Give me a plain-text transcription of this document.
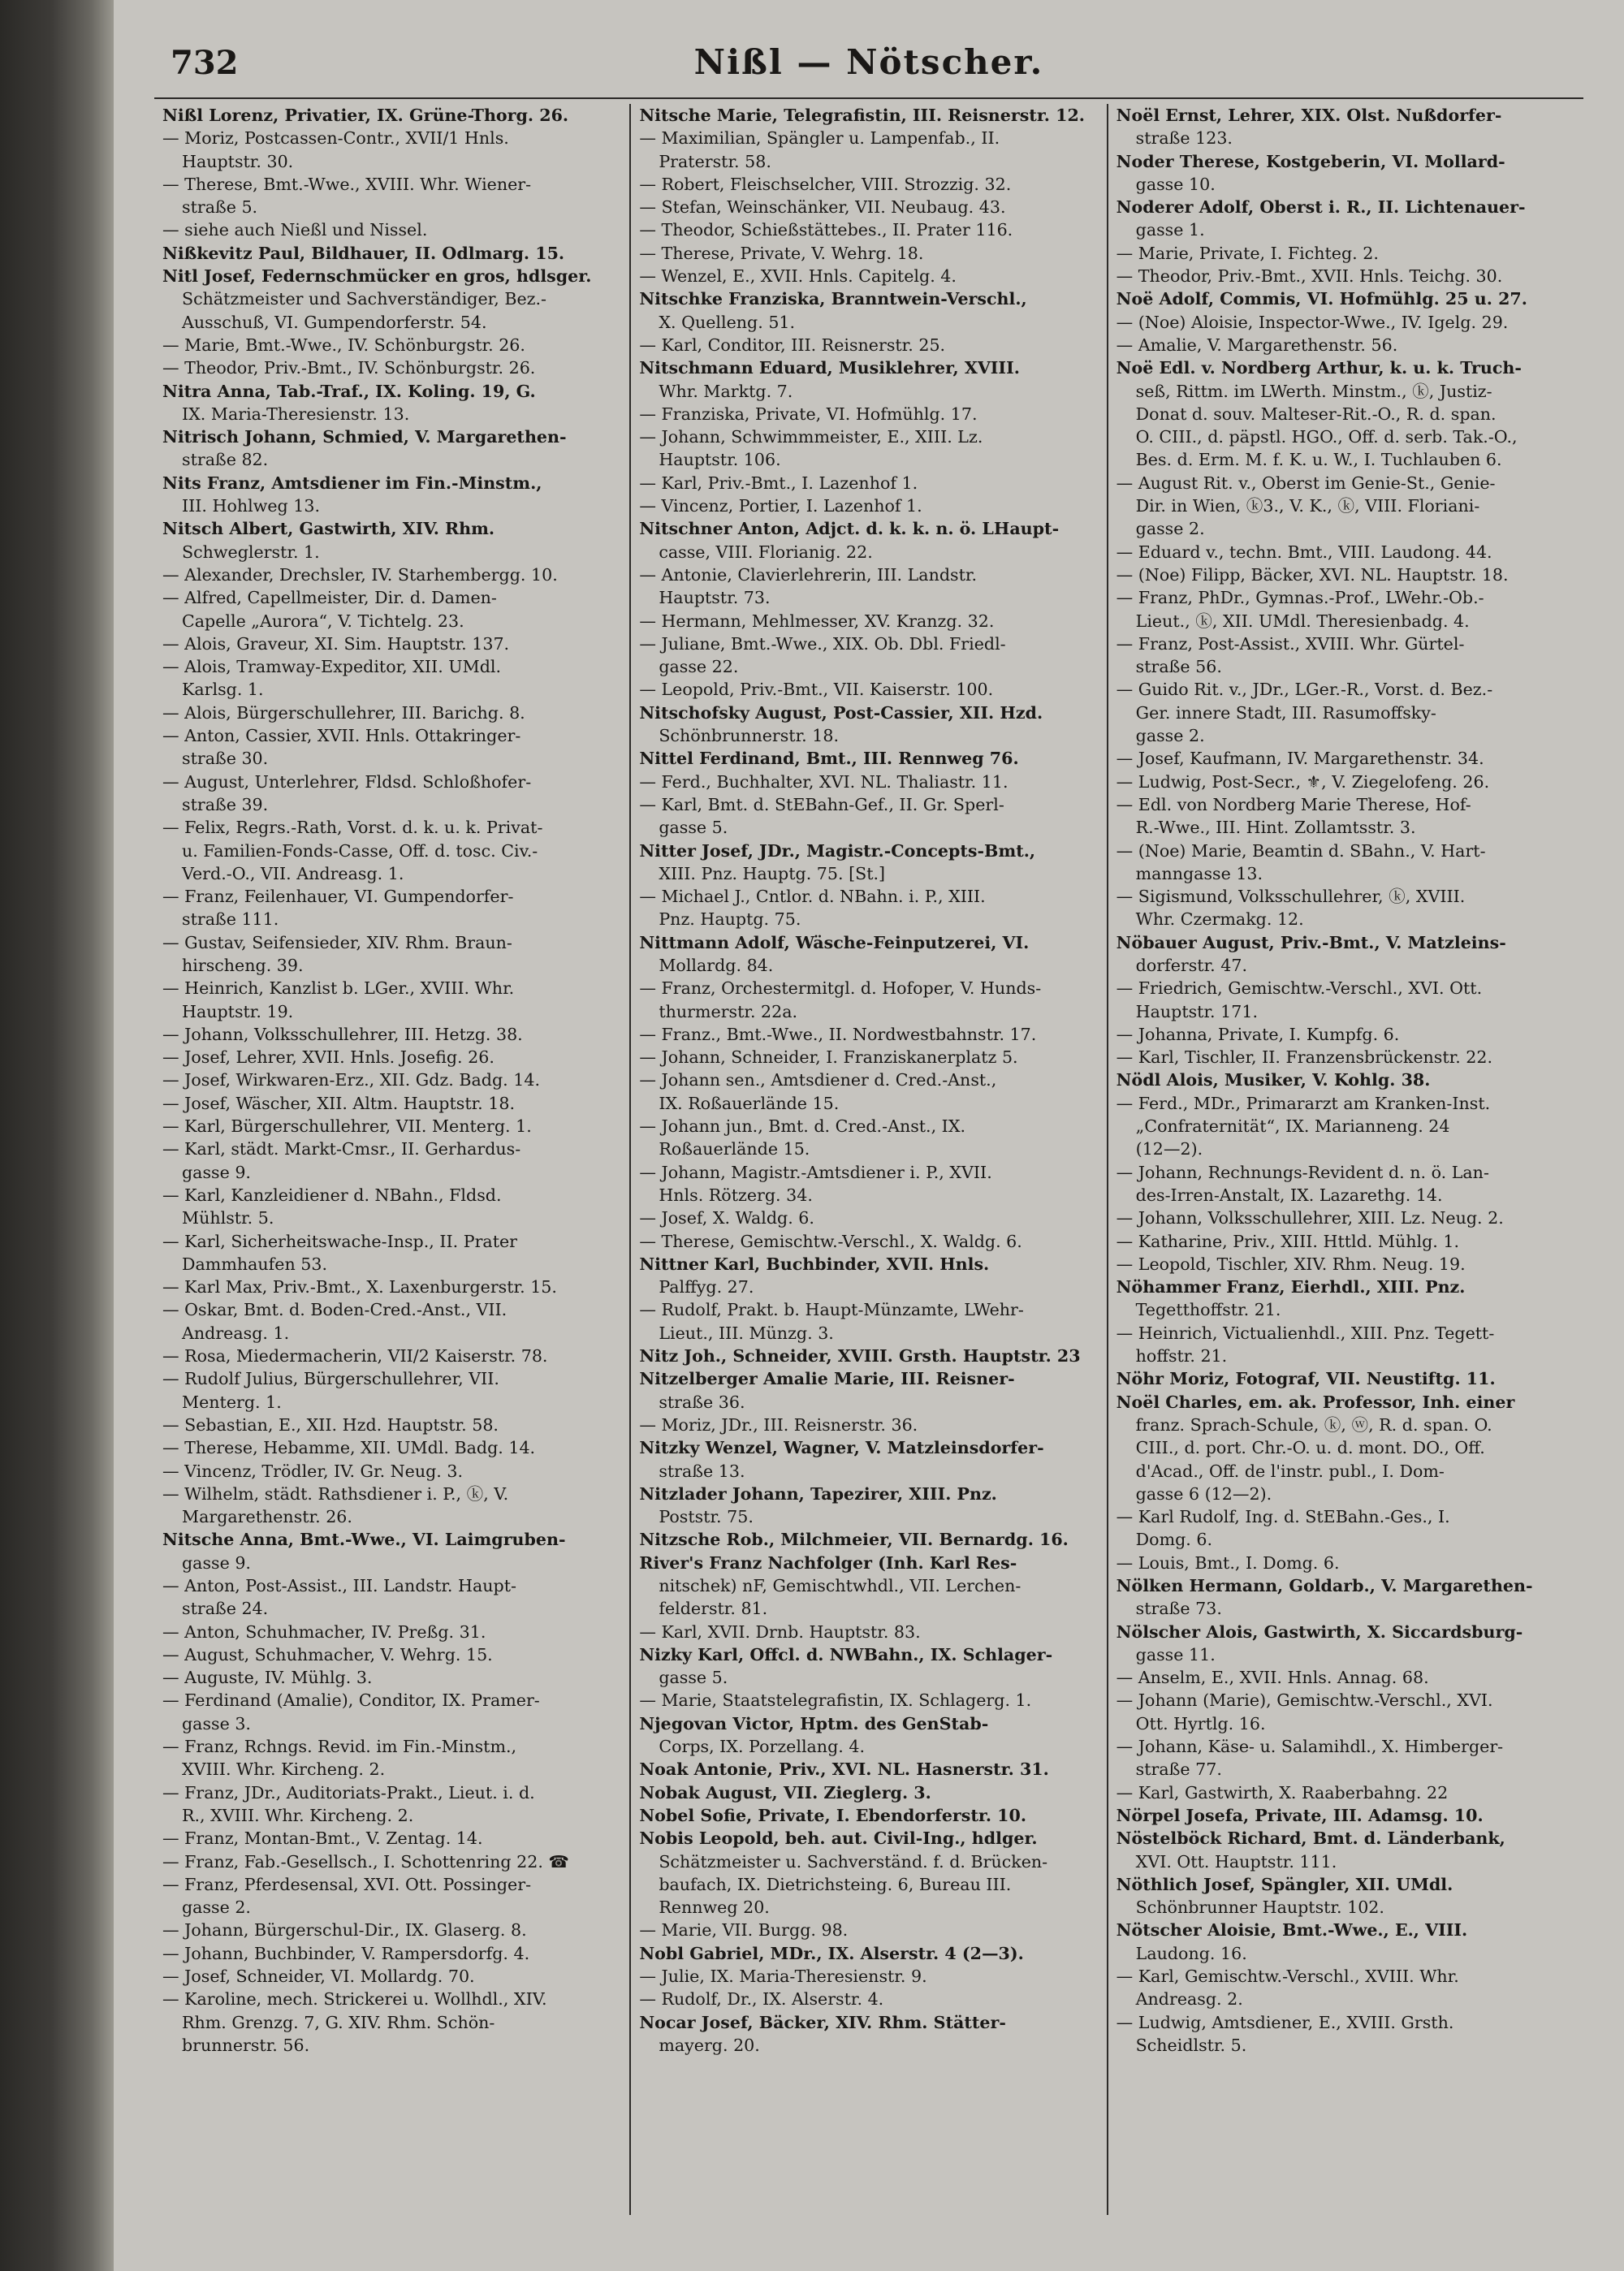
732	Nißl — Nötscher.
Nißl Lorenz, Privatier, IX. Grüne-Thorg. 26.
— Moriz, Postcassen-Contr., XVII/1 Hnls.
Hauptstr. 30.
— Therese, Bmt.-Wwe., XVIII. Whr. Wiener-
straße 5.
— siehe auch Nießl und Nissel.
Nißkevitz Paul, Bildhauer, II. Odlmarg. 15.
Nitl Josef, Federnschmücker en gros, hdlsger.
Schätzmeister und Sachverständiger, Bez.-
Ausschuß, VI. Gumpendorferstr. 54.
— Marie, Bmt.-Wwe., IV. Schönburgstr. 26.
— Theodor, Priv.-Bmt., IV. Schönburgstr. 26.
Nitra Anna, Tab.-Traf., IX. Koling. 19, G.
IX. Maria-Theresienstr. 13.
Nitrisch Johann, Schmied, V. Margarethen-
straße 82.
Nits Franz, Amtsdiener im Fin.-Minstm.,
III. Hohlweg 13.
Nitsch Albert, Gastwirth, XIV. Rhm.
Schweglerstr. 1.
— Alexander, Drechsler, IV. Starhembergg. 10.
— Alfred, Capellmeister, Dir. d. Damen-
Capelle „Aurora“, V. Tichtelg. 23.
— Alois, Graveur, XI. Sim. Hauptstr. 137.
— Alois, Tramway-Expeditor, XII. UMdl.
Karlsg. 1.
— Alois, Bürgerschullehrer, III. Barichg. 8.
— Anton, Cassier, XVII. Hnls. Ottakringer-
straße 30.
— August, Unterlehrer, Fldsd. Schloßhofer-
straße 39.
— Felix, Regrs.-Rath, Vorst. d. k. u. k. Privat-
u. Familien-Fonds-Casse, Off. d. tosc. Civ.-
Verd.-O., VII. Andreasg. 1.
— Franz, Feilenhauer, VI. Gumpendorfer-
straße 111.
— Gustav, Seifensieder, XIV. Rhm. Braun-
hirscheng. 39.
— Heinrich, Kanzlist b. LGer., XVIII. Whr.
Hauptstr. 19.
— Johann, Volksschullehrer, III. Hetzg. 38.
— Josef, Lehrer, XVII. Hnls. Josefig. 26.
— Josef, Wirkwaren-Erz., XII. Gdz. Badg. 14.
— Josef, Wäscher, XII. Altm. Hauptstr. 18.
— Karl, Bürgerschullehrer, VII. Menterg. 1.
— Karl, städt. Markt-Cmsr., II. Gerhardus-
gasse 9.
— Karl, Kanzleidiener d. NBahn., Fldsd.
Mühlstr. 5.
— Karl, Sicherheitswache-Insp., II. Prater
Dammhaufen 53.
— Karl Max, Priv.-Bmt., X. Laxenburgerstr. 15.
— Oskar, Bmt. d. Boden-Cred.-Anst., VII.
Andreasg. 1.
— Rosa, Miedermacherin, VII/2 Kaiserstr. 78.
— Rudolf Julius, Bürgerschullehrer, VII.
Menterg. 1.
— Sebastian, E., XII. Hzd. Hauptstr. 58.
— Therese, Hebamme, XII. UMdl. Badg. 14.
— Vincenz, Trödler, IV. Gr. Neug. 3.
— Wilhelm, städt. Rathsdiener i. P., ⓚ, V.
Margarethenstr. 26.
Nitsche Anna, Bmt.-Wwe., VI. Laimgruben-
gasse 9.
— Anton, Post-Assist., III. Landstr. Haupt-
straße 24.
— Anton, Schuhmacher, IV. Preßg. 31.
— August, Schuhmacher, V. Wehrg. 15.
— Auguste, IV. Mühlg. 3.
— Ferdinand (Amalie), Conditor, IX. Pramer-
gasse 3.
— Franz, Rchngs. Revid. im Fin.-Minstm.,
XVIII. Whr. Kircheng. 2.
— Franz, JDr., Auditoriats-Prakt., Lieut. i. d.
R., XVIII. Whr. Kircheng. 2.
— Franz, Montan-Bmt., V. Zentag. 14.
— Franz, Fab.-Gesellsch., I. Schottenring 22. ☎
— Franz, Pferdesensal, XVI. Ott. Possinger-
gasse 2.
— Johann, Bürgerschul-Dir., IX. Glaserg. 8.
— Johann, Buchbinder, V. Rampersdorfg. 4.
— Josef, Schneider, VI. Mollardg. 70.
— Karoline, mech. Strickerei u. Wollhdl., XIV.
Rhm. Grenzg. 7, G. XIV. Rhm. Schön-
brunnerstr. 56.
Nitsche Marie, Telegrafistin, III. Reisnerstr. 12.
— Maximilian, Spängler u. Lampenfab., II.
Praterstr. 58.
— Robert, Fleischselcher, VIII. Strozzig. 32.
— Stefan, Weinschänker, VII. Neubaug. 43.
— Theodor, Schießstättebes., II. Prater 116.
— Therese, Private, V. Wehrg. 18.
— Wenzel, E., XVII. Hnls. Capitelg. 4.
Nitschke Franziska, Branntwein-Verschl.,
X. Quelleng. 51.
— Karl, Conditor, III. Reisnerstr. 25.
Nitschmann Eduard, Musiklehrer, XVIII.
Whr. Marktg. 7.
— Franziska, Private, VI. Hofmühlg. 17.
— Johann, Schwimmmeister, E., XIII. Lz.
Hauptstr. 106.
— Karl, Priv.-Bmt., I. Lazenhof 1.
— Vincenz, Portier, I. Lazenhof 1.
Nitschner Anton, Adjct. d. k. k. n. ö. LHaupt-
casse, VIII. Florianig. 22.
— Antonie, Clavierlehrerin, III. Landstr.
Hauptstr. 73.
— Hermann, Mehlmesser, XV. Kranzg. 32.
— Juliane, Bmt.-Wwe., XIX. Ob. Dbl. Friedl-
gasse 22.
— Leopold, Priv.-Bmt., VII. Kaiserstr. 100.
Nitschofsky August, Post-Cassier, XII. Hzd.
Schönbrunnerstr. 18.
Nittel Ferdinand, Bmt., III. Rennweg 76.
— Ferd., Buchhalter, XVI. NL. Thaliastr. 11.
— Karl, Bmt. d. StEBahn-Gef., II. Gr. Sperl-
gasse 5.
Nitter Josef, JDr., Magistr.-Concepts-Bmt.,
XIII. Pnz. Hauptg. 75. [St.]
— Michael J., Cntlor. d. NBahn. i. P., XIII.
Pnz. Hauptg. 75.
Nittmann Adolf, Wäsche-Feinputzerei, VI.
Mollardg. 84.
— Franz, Orchestermitgl. d. Hofoper, V. Hunds-
thurmerstr. 22a.
— Franz., Bmt.-Wwe., II. Nordwestbahnstr. 17.
— Johann, Schneider, I. Franziskanerplatz 5.
— Johann sen., Amtsdiener d. Cred.-Anst.,
IX. Roßauerlände 15.
— Johann jun., Bmt. d. Cred.-Anst., IX.
Roßauerlände 15.
— Johann, Magistr.-Amtsdiener i. P., XVII.
Hnls. Rötzerg. 34.
— Josef, X. Waldg. 6.
— Therese, Gemischtw.-Verschl., X. Waldg. 6.
Nittner Karl, Buchbinder, XVII. Hnls.
Palffyg. 27.
— Rudolf, Prakt. b. Haupt-Münzamte, LWehr-
Lieut., III. Münzg. 3.
Nitz Joh., Schneider, XVIII. Grsth. Hauptstr. 23
Nitzelberger Amalie Marie, III. Reisner-
straße 36.
— Moriz, JDr., III. Reisnerstr. 36.
Nitzky Wenzel, Wagner, V. Matzleinsdorfer-
straße 13.
Nitzlader Johann, Tapezirer, XIII. Pnz.
Poststr. 75.
Nitzsche Rob., Milchmeier, VII. Bernardg. 16.
River's Franz Nachfolger (Inh. Karl Res-
nitschek) nF, Gemischtwhdl., VII. Lerchen-
felderstr. 81.
— Karl, XVII. Drnb. Hauptstr. 83.
Nizky Karl, Offcl. d. NWBahn., IX. Schlager-
gasse 5.
— Marie, Staatstelegrafistin, IX. Schlagerg. 1.
Njegovan Victor, Hptm. des GenStab-
Corps, IX. Porzellang. 4.
Noak Antonie, Priv., XVI. NL. Hasnerstr. 31.
Nobak August, VII. Zieglerg. 3.
Nobel Sofie, Private, I. Ebendorferstr. 10.
Nobis Leopold, beh. aut. Civil-Ing., hdlger.
Schätzmeister u. Sachverständ. f. d. Brücken-
baufach, IX. Dietrichsteing. 6, Bureau III.
Rennweg 20.
— Marie, VII. Burgg. 98.
Nobl Gabriel, MDr., IX. Alserstr. 4 (2—3).
— Julie, IX. Maria-Theresienstr. 9.
— Rudolf, Dr., IX. Alserstr. 4.
Nocar Josef, Bäcker, XIV. Rhm. Stätter-
mayerg. 20.
Noël Ernst, Lehrer, XIX. Olst. Nußdorfer-
straße 123.
Noder Therese, Kostgeberin, VI. Mollard-
gasse 10.
Noderer Adolf, Oberst i. R., II. Lichtenauer-
gasse 1.
— Marie, Private, I. Fichteg. 2.
— Theodor, Priv.-Bmt., XVII. Hnls. Teichg. 30.
Noë Adolf, Commis, VI. Hofmühlg. 25 u. 27.
— (Noe) Aloisie, Inspector-Wwe., IV. Igelg. 29.
— Amalie, V. Margarethenstr. 56.
Noë Edl. v. Nordberg Arthur, k. u. k. Truch-
seß, Rittm. im LWerth. Minstm., ⓚ, Justiz-
Donat d. souv. Malteser-Rit.-O., R. d. span.
O. CIII., d. päpstl. HGO., Off. d. serb. Tak.-O.,
Bes. d. Erm. M. f. K. u. W., I. Tuchlauben 6.
— August Rit. v., Oberst im Genie-St., Genie-
Dir. in Wien, ⓚ3., V. K., ⓚ, VIII. Floriani-
gasse 2.
— Eduard v., techn. Bmt., VIII. Laudong. 44.
— (Noe) Filipp, Bäcker, XVI. NL. Hauptstr. 18.
— Franz, PhDr., Gymnas.-Prof., LWehr.-Ob.-
Lieut., ⓚ, XII. UMdl. Theresienbadg. 4.
— Franz, Post-Assist., XVIII. Whr. Gürtel-
straße 56.
— Guido Rit. v., JDr., LGer.-R., Vorst. d. Bez.-
Ger. innere Stadt, III. Rasumoffsky-
gasse 2.
— Josef, Kaufmann, IV. Margarethenstr. 34.
— Ludwig, Post-Secr., ⚜, V. Ziegelofeng. 26.
— Edl. von Nordberg Marie Therese, Hof-
R.-Wwe., III. Hint. Zollamtsstr. 3.
— (Noe) Marie, Beamtin d. SBahn., V. Hart-
manngasse 13.
— Sigismund, Volksschullehrer, ⓚ, XVIII.
Whr. Czermakg. 12.
Nöbauer August, Priv.-Bmt., V. Matzleins-
dorferstr. 47.
— Friedrich, Gemischtw.-Verschl., XVI. Ott.
Hauptstr. 171.
— Johanna, Private, I. Kumpfg. 6.
— Karl, Tischler, II. Franzensbrückenstr. 22.
Nödl Alois, Musiker, V. Kohlg. 38.
— Ferd., MDr., Primararzt am Kranken-Inst.
„Confraternität“, IX. Marianneng. 24
(12—2).
— Johann, Rechnungs-Revident d. n. ö. Lan-
des-Irren-Anstalt, IX. Lazarethg. 14.
— Johann, Volksschullehrer, XIII. Lz. Neug. 2.
— Katharine, Priv., XIII. Httld. Mühlg. 1.
— Leopold, Tischler, XIV. Rhm. Neug. 19.
Nöhammer Franz, Eierhdl., XIII. Pnz.
Tegetthoffstr. 21.
— Heinrich, Victualienhdl., XIII. Pnz. Tegett-
hoffstr. 21.
Nöhr Moriz, Fotograf, VII. Neustiftg. 11.
Noël Charles, em. ak. Professor, Inh. einer
franz. Sprach-Schule, ⓚ, ⓦ, R. d. span. O.
CIII., d. port. Chr.-O. u. d. mont. DO., Off.
d'Acad., Off. de l'instr. publ., I. Dom-
gasse 6 (12—2).
— Karl Rudolf, Ing. d. StEBahn.-Ges., I.
Domg. 6.
— Louis, Bmt., I. Domg. 6.
Nölken Hermann, Goldarb., V. Margarethen-
straße 73.
Nölscher Alois, Gastwirth, X. Siccardsburg-
gasse 11.
— Anselm, E., XVII. Hnls. Annag. 68.
— Johann (Marie), Gemischtw.-Verschl., XVI.
Ott. Hyrtlg. 16.
— Johann, Käse- u. Salamihdl., X. Himberger-
straße 77.
— Karl, Gastwirth, X. Raaberbahng. 22
Nörpel Josefa, Private, III. Adamsg. 10.
Nöstelböck Richard, Bmt. d. Länderbank,
XVI. Ott. Hauptstr. 111.
Nöthlich Josef, Spängler, XII. UMdl.
Schönbrunner Hauptstr. 102.
Nötscher Aloisie, Bmt.-Wwe., E., VIII.
Laudong. 16.
— Karl, Gemischtw.-Verschl., XVIII. Whr.
Andreasg. 2.
— Ludwig, Amtsdiener, E., XVIII. Grsth.
Scheidlstr. 5.
